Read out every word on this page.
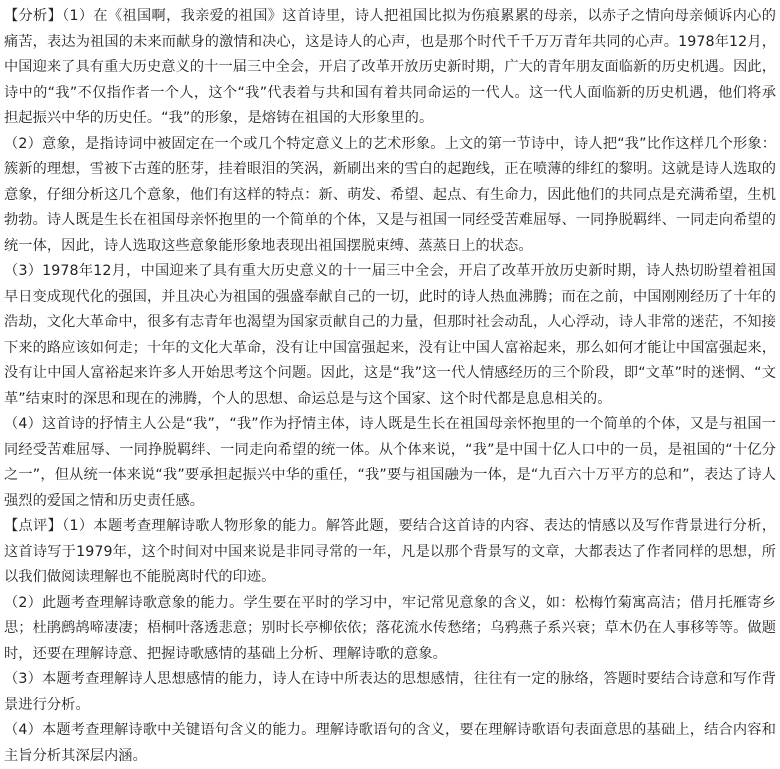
【分析】（1）在《祖国啊，我亲爱的祖国》这首诗里，诗人把祖国比拟为伤痕累累的母亲，以赤子之情向母亲倾诉内心的痛苦，表达为祖国的未来而献身的激情和决心，这是诗人的心声，也是那个时代千千万万青年共同的心声。1978年12月，中国迎来了具有重大历史意义的十一届三中全会，开启了改革开放历史新时期，广大的青年朋友面临新的历史机遇。因此，诗中的“我”不仅指作者一个人，这个“我”代表着与共和国有着共同命运的一代人。这一代人面临新的历史机遇，他们将承担起振兴中华的历史任。“我”的形象，是熔铸在祖国的大形象里的。

（2）意象，是指诗词中被固定在一个或几个特定意义上的艺术形象。上文的第一节诗中，诗人把“我”比作这样几个形象：簇新的理想，雪被下古莲的胚芽，挂着眼泪的笑涡，新刷出来的雪白的起跑线，正在喷薄的绯红的黎明。这就是诗人选取的意象，仔细分析这几个意象，他们有这样的特点：新、萌发、希望、起点、有生命力，因此他们的共同点是充满希望，生机勃勃。诗人既是生长在祖国母亲怀抱里的一个简单的个体，又是与祖国一同经受苦难屈辱、一同挣脱羁绊、一同走向希望的统一体，因此，诗人选取这些意象能形象地表现出祖国摆脱束缚、蒸蒸日上的状态。

（3）1978年12月，中国迎来了具有重大历史意义的十一届三中全会，开启了改革开放历史新时期，诗人热切盼望着祖国早日变成现代化的强国，并且决心为祖国的强盛奉献自己的一切，此时的诗人热血沸腾；而在之前，中国刚刚经历了十年的浩劫，文化大革命中，很多有志青年也渴望为国家贡献自己的力量，但那时社会动乱，人心浮动，诗人非常的迷茫，不知接下来的路应该如何走；十年的文化大革命，没有让中国富强起来，没有让中国人富裕起来，那么如何才能让中国富强起来，没有让中国人富裕起来许多人开始思考这个问题。因此，这是“我”这一代人情感经历的三个阶段，即“文革”时的迷惘、“文革”结束时的深思和现在的沸腾，个人的思想、命运总是与这个国家、这个时代都是息息相关的。

（4）这首诗的抒情主人公是“我”，“我”作为抒情主体，诗人既是生长在祖国母亲怀抱里的一个简单的个体，又是与祖国一同经受苦难屈辱、一同挣脱羁绊、一同走向希望的统一体。从个体来说，“我”是中国十亿人口中的一员，是祖国的“十亿分之一”，但从统一体来说“我”要承担起振兴中华的重任，“我”要与祖国融为一体，是“九百六十万平方的总和”，表达了诗人强烈的爱国之情和历史责任感。

【点评】（1）本题考查理解诗歌人物形象的能力。解答此题，要结合这首诗的内容、表达的情感以及写作背景进行分析，这首诗写于1979年，这个时间对中国来说是非同寻常的一年，凡是以那个背景写的文章，大都表达了作者同样的思想，所以我们做阅读理解也不能脱离时代的印迹。

（2）此题考查理解诗歌意象的能力。学生要在平时的学习中，牢记常见意象的含义，如：松梅竹菊寓高洁；借月托雁寄乡思；杜鹃鹧鸪啼凄凄；梧桐叶落透悲意；别时长亭柳依依；落花流水传愁绪；乌鸦燕子系兴衰；草木仍在人事移等等。做题时，还要在理解诗意、把握诗歌感情的基础上分析、理解诗歌的意象。

（3）本题考查理解诗人思想感情的能力，诗人在诗中所表达的思想感情，往往有一定的脉络，答题时要结合诗意和写作背景进行分析。

（4）本题考查理解诗歌中关键语句含义的能力。理解诗歌语句的含义，要在理解诗歌语句表面意思的基础上，结合内容和主旨分析其深层内涵。
